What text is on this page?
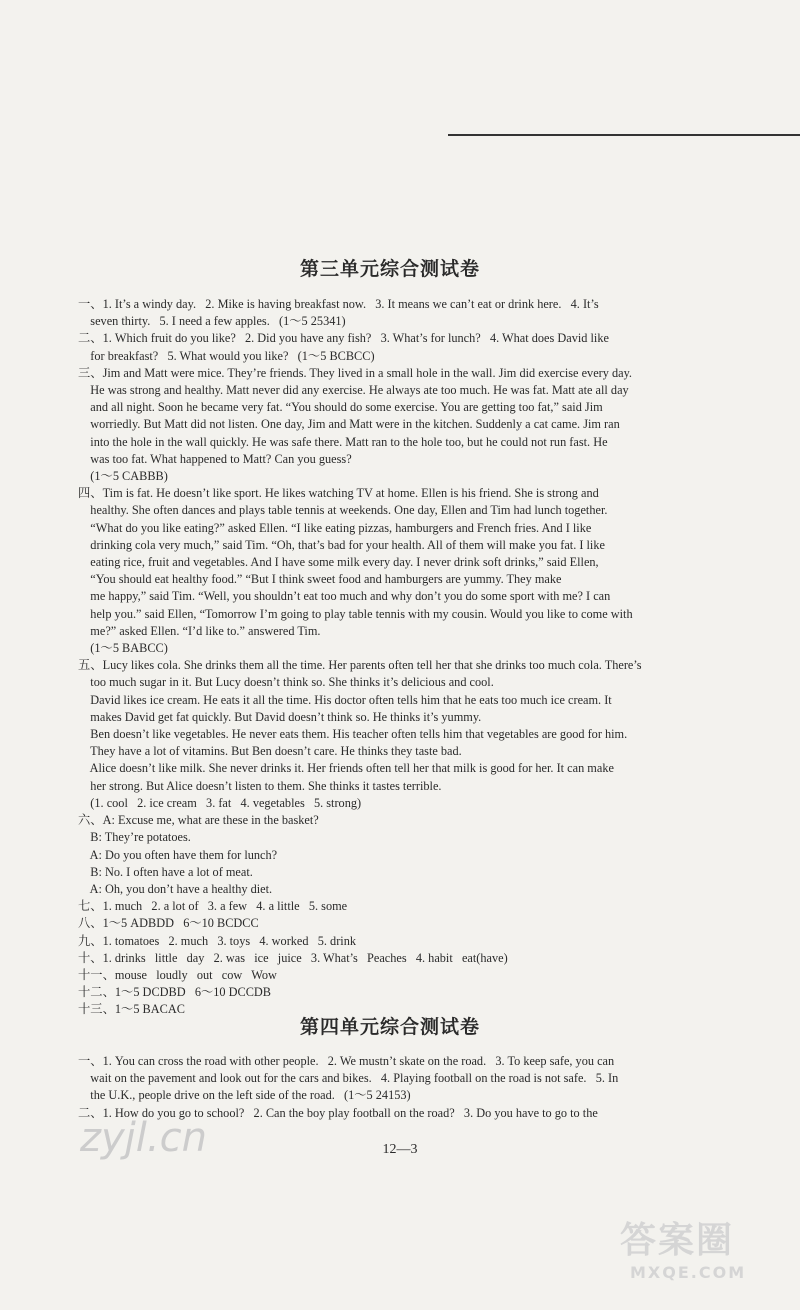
第三单元综合测试卷
一、1. It’s a windy day.   2. Mike is having breakfast now.   3. It means we can’t eat or drink here.   4. It’s
seven thirty.   5. I need a few apples.   (1～5 25341)
二、1. Which fruit do you like?   2. Did you have any fish?   3. What’s for lunch?   4. What does David like
for breakfast?   5. What would you like?   (1～5 BCBCC)
三、Jim and Matt were mice. They’re friends. They lived in a small hole in the wall. Jim did exercise every day.
He was strong and healthy. Matt never did any exercise. He always ate too much. He was fat. Matt ate all day
and all night. Soon he became very fat. “You should do some exercise. You are getting too fat,” said Jim
worriedly. But Matt did not listen. One day, Jim and Matt were in the kitchen. Suddenly a cat came. Jim ran
into the hole in the wall quickly. He was safe there. Matt ran to the hole too, but he could not run fast. He
was too fat. What happened to Matt? Can you guess?
(1～5 CABBB)
四、Tim is fat. He doesn’t like sport. He likes watching TV at home. Ellen is his friend. She is strong and
healthy. She often dances and plays table tennis at weekends. One day, Ellen and Tim had lunch together.
“What do you like eating?” asked Ellen. “I like eating pizzas, hamburgers and French fries. And I like
drinking cola very much,” said Tim. “Oh, that’s bad for your health. All of them will make you fat. I like
eating rice, fruit and vegetables. And I have some milk every day. I never drink soft drinks,” said Ellen,
“You should eat healthy food.” “But I think sweet food and hamburgers are yummy. They make
me happy,” said Tim. “Well, you shouldn’t eat too much and why don’t you do some sport with me? I can
help you.” said Ellen, “Tomorrow I’m going to play table tennis with my cousin. Would you like to come with
me?” asked Ellen. “I’d like to.” answered Tim.
(1～5 BABCC)
五、Lucy likes cola. She drinks them all the time. Her parents often tell her that she drinks too much cola. There’s
too much sugar in it. But Lucy doesn’t think so. She thinks it’s delicious and cool.
David likes ice cream. He eats it all the time. His doctor often tells him that he eats too much ice cream. It
makes David get fat quickly. But David doesn’t think so. He thinks it’s yummy.
Ben doesn’t like vegetables. He never eats them. His teacher often tells him that vegetables are good for him.
They have a lot of vitamins. But Ben doesn’t care. He thinks they taste bad.
Alice doesn’t like milk. She never drinks it. Her friends often tell her that milk is good for her. It can make
her strong. But Alice doesn’t listen to them. She thinks it tastes terrible.
(1. cool   2. ice cream   3. fat   4. vegetables   5. strong)
六、A: Excuse me, what are these in the basket?
B: They’re potatoes.
A: Do you often have them for lunch?
B: No. I often have a lot of meat.
A: Oh, you don’t have a healthy diet.
七、1. much   2. a lot of   3. a few   4. a little   5. some
八、1～5 ADBDD   6～10 BCDCC
九、1. tomatoes   2. much   3. toys   4. worked   5. drink
十、1. drinks   little   day   2. was   ice   juice   3. What’s   Peaches   4. habit   eat(have)
十一、mouse   loudly   out   cow   Wow
十二、1～5 DCDBD   6～10 DCCDB
十三、1～5 BACAC
第四单元综合测试卷
一、1. You can cross the road with other people.   2. We mustn’t skate on the road.   3. To keep safe, you can
wait on the pavement and look out for the cars and bikes.   4. Playing football on the road is not safe.   5. In
the U.K., people drive on the left side of the road.   (1～5 24153)
二、1. How do you go to school?   2. Can the boy play football on the road?   3. Do you have to go to the
12—3
zyjl.cn
答案圈
MXQE.COM
